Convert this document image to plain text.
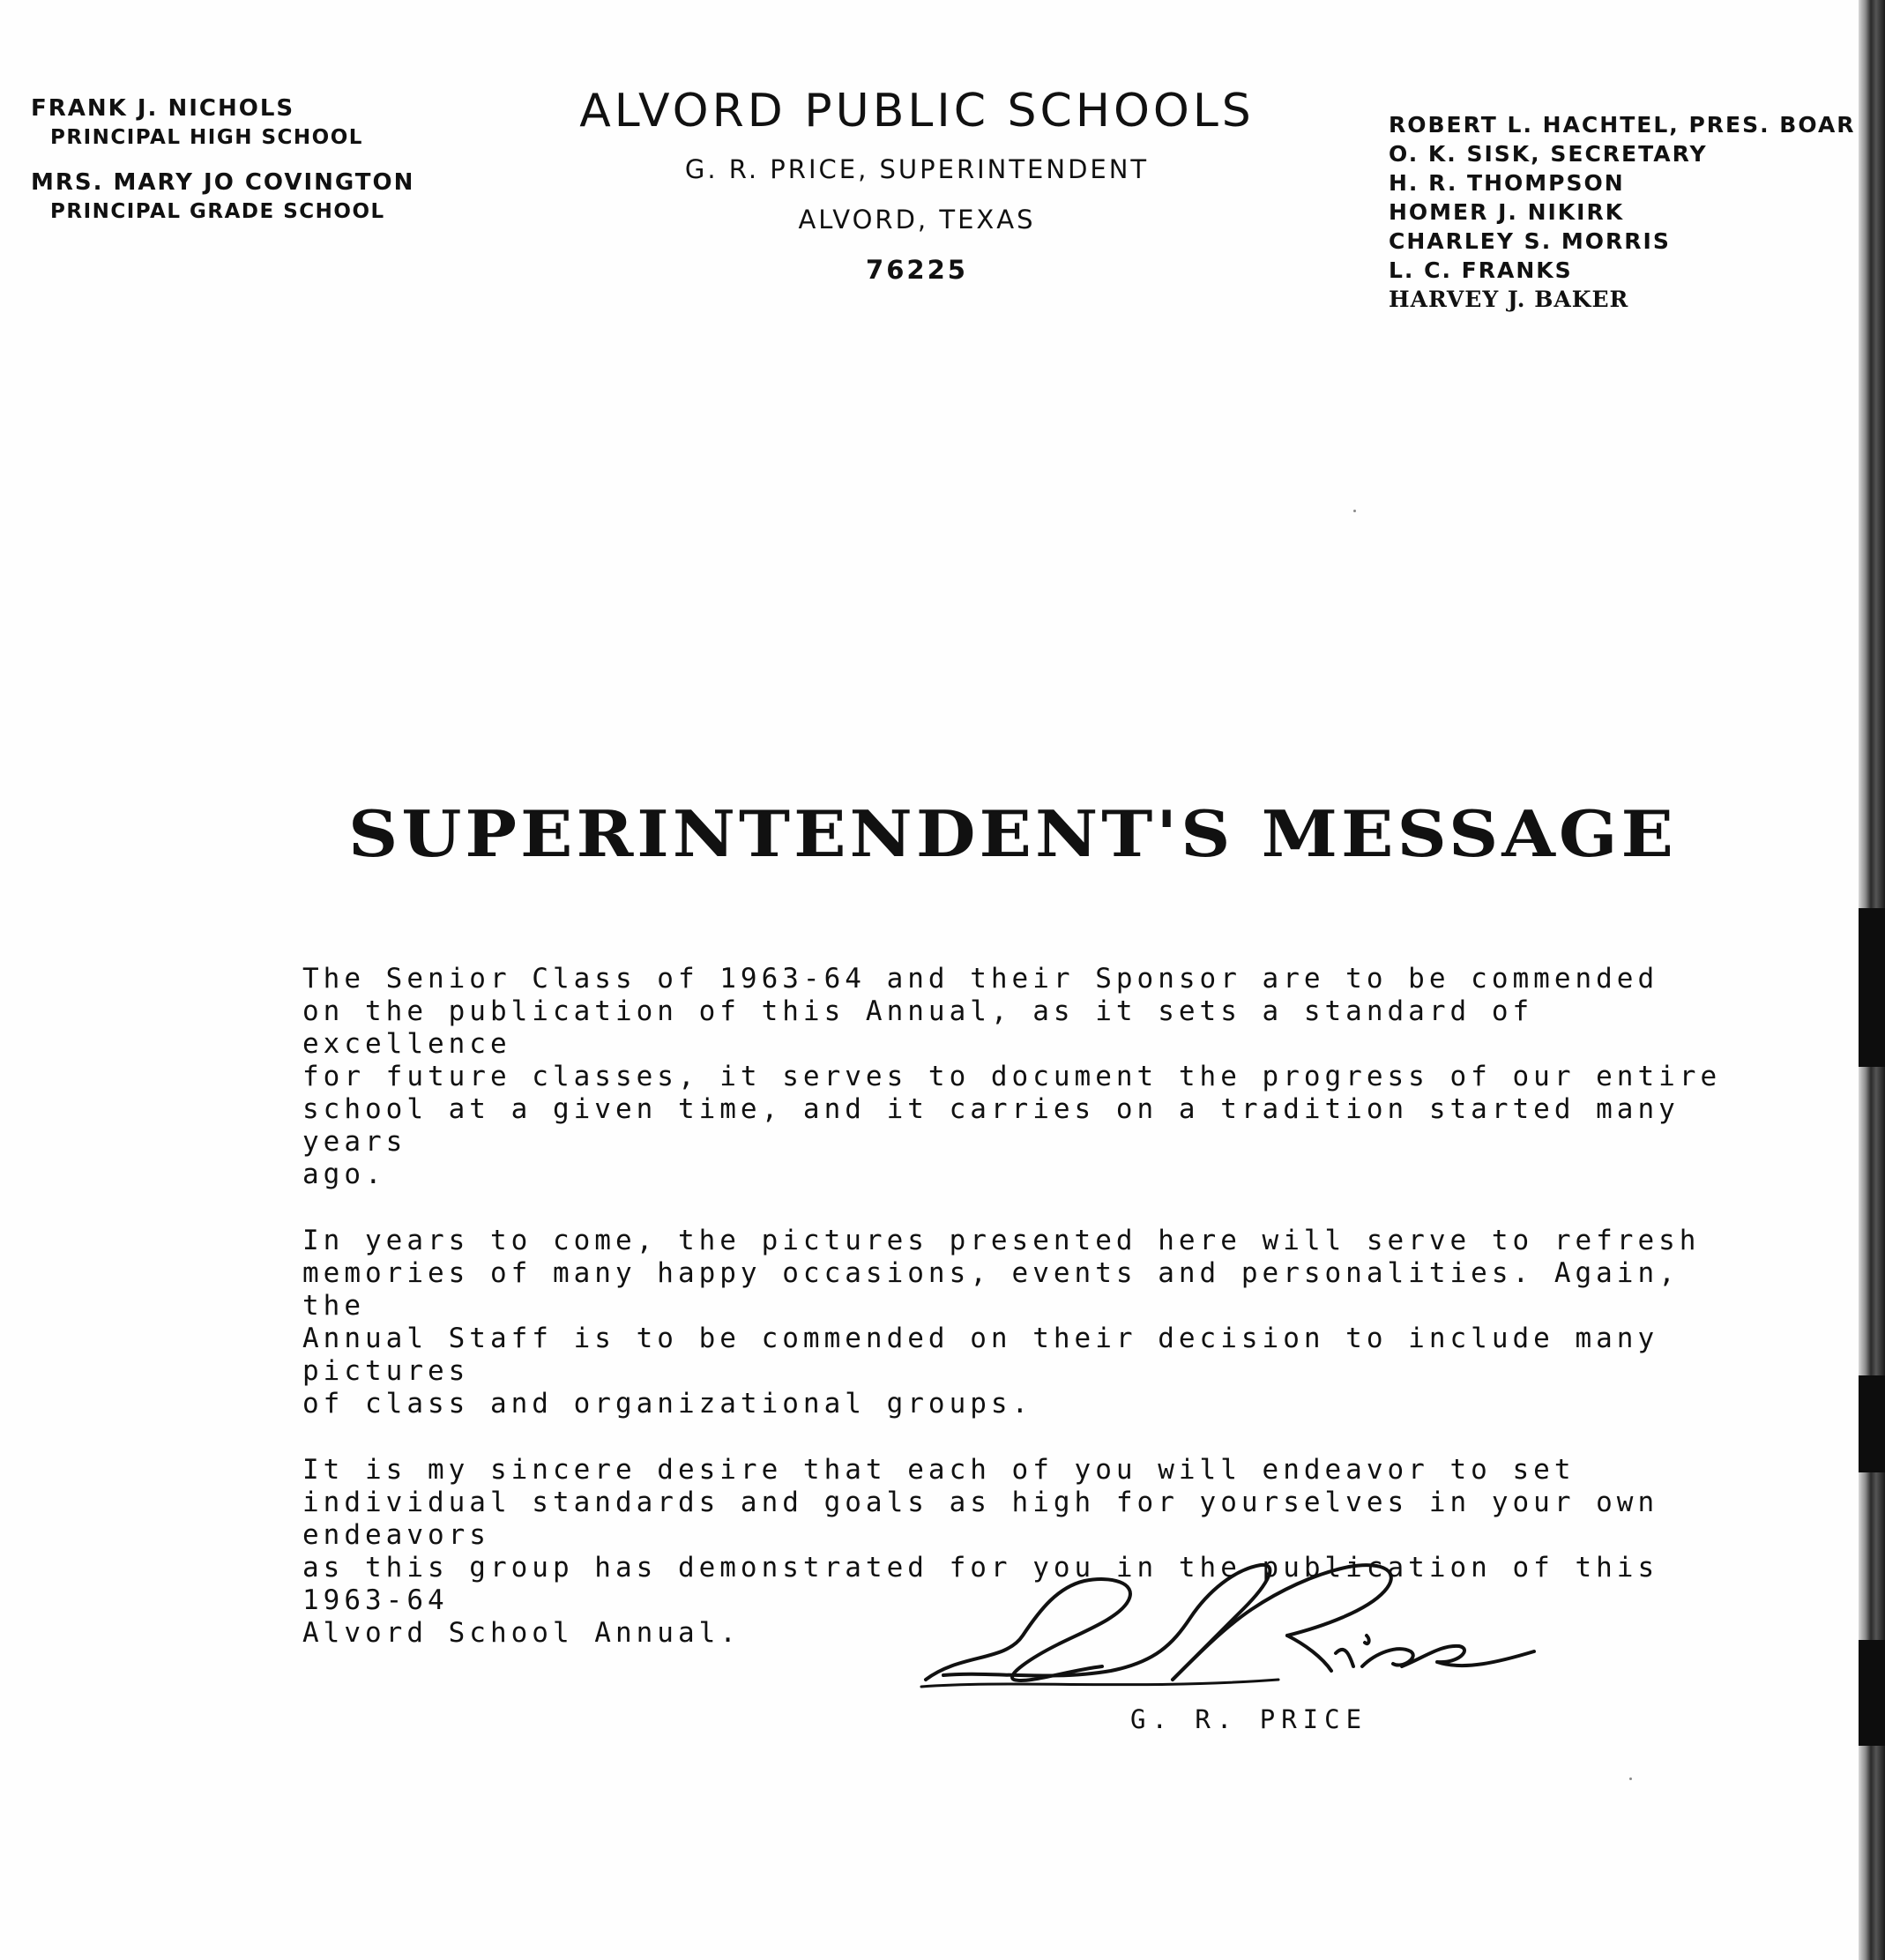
FRANK J. NICHOLS
PRINCIPAL HIGH SCHOOL
MRS. MARY JO COVINGTON
PRINCIPAL GRADE SCHOOL
ALVORD PUBLIC SCHOOLS
G. R. PRICE, SUPERINTENDENT
ALVORD, TEXAS
76225
ROBERT L. HACHTEL, PRES. BOAR
O. K. SISK, SECRETARY
H. R. THOMPSON
HOMER J. NIKIRK
CHARLEY S. MORRIS
L. C. FRANKS
HARVEY J. BAKER
SUPERINTENDENT'S MESSAGE

The Senior Class of 1963-64 and their Sponsor are to be commended
on the publication of this Annual, as it sets a standard of excellence
for future classes, it serves to document the progress of our entire
school at a given time, and it carries on a tradition started many years
ago.

In years to come, the pictures presented here will serve to refresh
memories of many happy occasions, events and personalities. Again, the
Annual Staff is to be commended on their decision to include many pictures
of class and organizational groups.

It is my sincere desire that each of you will endeavor to set
individual standards and goals as high for yourselves in your own endeavors
as this group has demonstrated for you in the publication of this 1963-64
Alvord School Annual.

G. R. PRICE
